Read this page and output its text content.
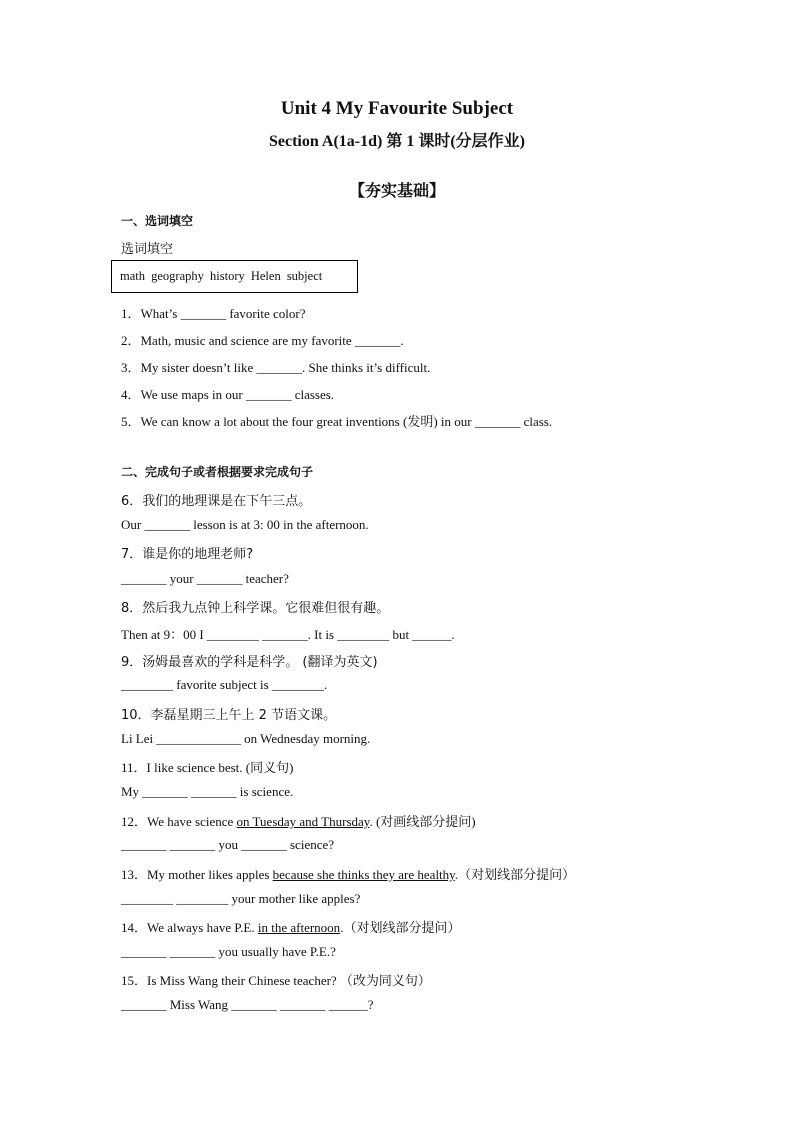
Unit 4 My Favourite Subject
Section A(1a-1d) 第 1 课时(分层作业)
【夯实基础】
一、选词填空
选词填空
math geography history Helen subject
1．What’s _______ favorite color?
2．Math, music and science are my favorite _______.
3．My sister doesn’t like _______. She thinks it’s difficult.
4．We use maps in our _______ classes.
5．We can know a lot about the four great inventions (发明) in our _______ class.
二、完成句子或者根据要求完成句子
6．我们的地理课是在下午三点。
Our _______ lesson is at 3: 00 in the afternoon.
7．谁是你的地理老师?
_______ your _______ teacher?
8．然后我九点钟上科学课。它很难但很有趣。
Then at 9：00 I ________ _______. It is ________ but ______.
9．汤姆最喜欢的学科是科学。 (翻译为英文)
________ favorite subject is ________.
10．李磊星期三上午上 2 节语文课。
Li Lei _____________ on Wednesday morning.
11．I like science best. (同义句)
My _______ _______ is science.
12．We have science on Tuesday and Thursday. (对画线部分提问)
_______ _______ you _______ science?
13．My mother likes apples because she thinks they are healthy.（对划线部分提问）
________ ________ your mother like apples?
14．We always have P.E. in the afternoon.（对划线部分提问）
_______ _______ you usually have P.E.?
15．Is Miss Wang their Chinese teacher? （改为同义句）
_______ Miss Wang _______ _______ ______?
